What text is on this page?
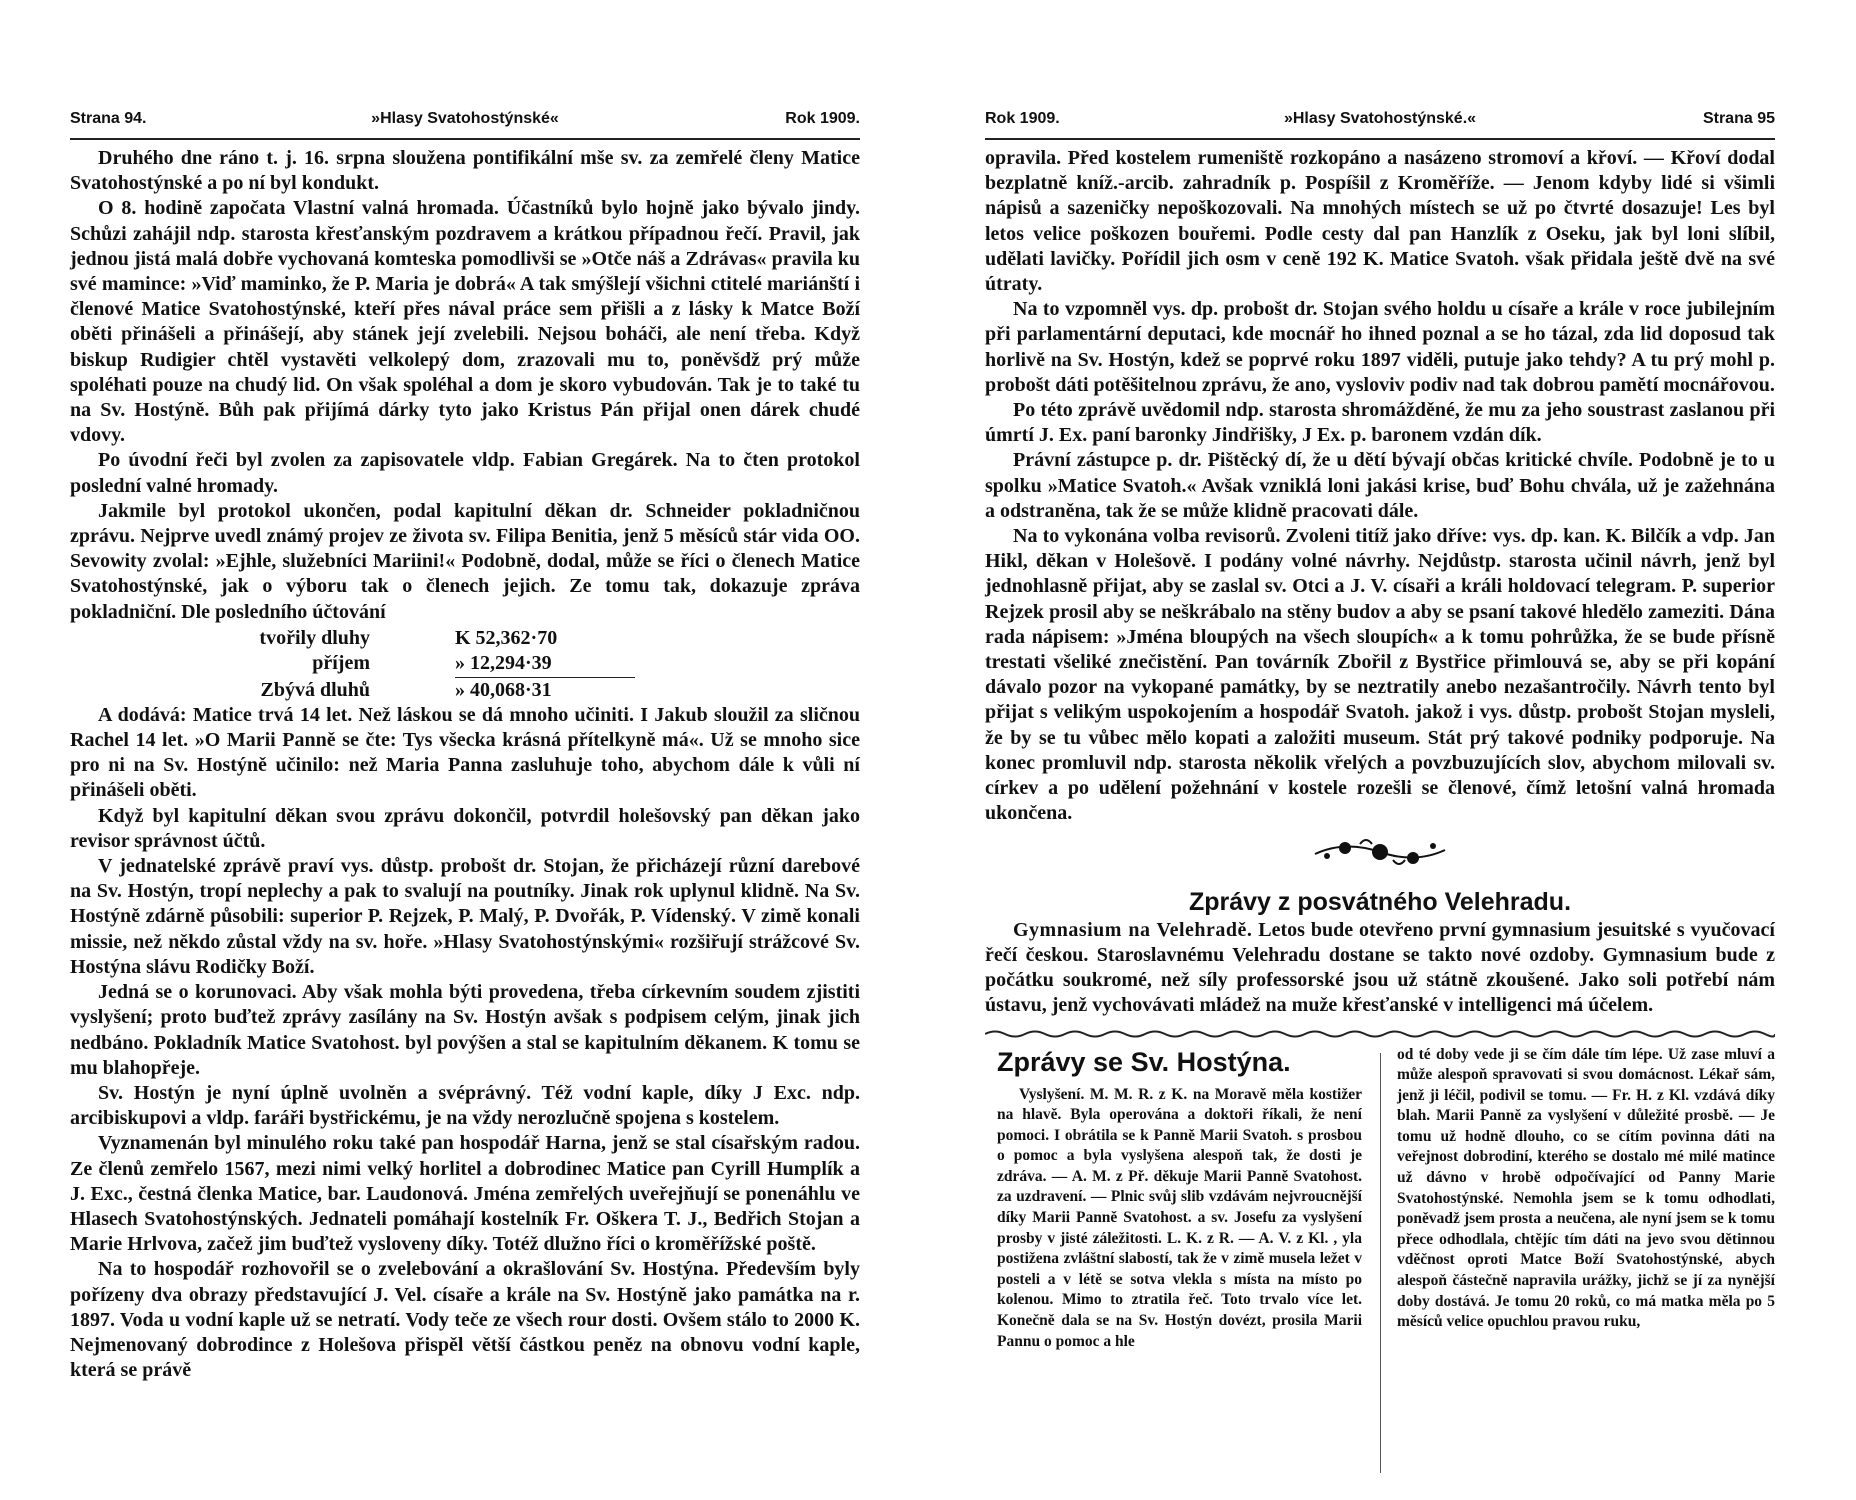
Strana 94.	»Hlasy Svatohostýnské«	Rok 1909.

Druhého dne ráno t. j. 16. srpna sloužena pontifikální mše sv. za zemřelé členy Matice Svatohostýnské a po ní byl kondukt.

O 8. hodině započata Vlastní valná hromada. Účastníků bylo hojně jako bývalo jindy. Schůzi zahájil ndp. starosta křesťanským pozdravem a krátkou případnou řečí. Pravil, jak jednou jistá malá dobře vychovaná komteska pomodlivši se »Otče náš a Zdrávas« pravila ku své mamince: »Viď maminko, že P. Maria je dobrá« A tak smýšlejí všichni ctitelé mariánští i členové Matice Svatohostýnské, kteří přes nával práce sem přišli a z lásky k Matce Boží oběti přinášeli a přinášejí, aby stánek její zvelebili. Nejsou boháči, ale není třeba. Když biskup Rudigier chtěl vystavěti velkolepý dom, zrazovali mu to, poněvšdž prý může spoléhati pouze na chudý lid. On však spoléhal a dom je skoro vybudován. Tak je to také tu na Sv. Hostýně. Bůh pak přijímá dárky tyto jako Kristus Pán přijal onen dárek chudé vdovy.

Po úvodní řeči byl zvolen za zapisovatele vldp. Fabian Gregárek. Na to čten protokol poslední valné hromady.

Jakmile byl protokol ukončen, podal kapitulní děkan dr. Schneider pokladničnou zprávu. Nejprve uvedl známý projev ze života sv. Filipa Benitia, jenž 5 měsíců stár vida OO. Sevowity zvolal: »Ejhle, služebníci Mariini!« Podobně, dodal, může se říci o členech Matice Svatohostýnské, jak o výboru tak o členech jejich. Ze tomu tak, dokazuje zpráva pokladniční. Dle posledního účtování

tvořily dluhy	K 52,362·70
příjem	» 12,294·39
Zbývá dluhů	» 40,068·31

A dodává: Matice trvá 14 let. Než láskou se dá mnoho učiniti. I Jakub sloužil za sličnou Rachel 14 let. »O Marii Panně se čte: Tys všecka krásná přítelkyně má«. Už se mnoho sice pro ni na Sv. Hostýně učinilo: než Maria Panna zasluhuje toho, abychom dále k vůli ní přinášeli oběti.

Když byl kapitulní děkan svou zprávu dokončil, potvrdil holešovský pan děkan jako revisor správnost účtů.

V jednatelské zprávě praví vys. důstp. probošt dr. Stojan, že přicházejí různí darebové na Sv. Hostýn, tropí neplechy a pak to svalují na poutníky. Jinak rok uplynul klidně. Na Sv. Hostýně zdárně působili: superior P. Rejzek, P. Malý, P. Dvořák, P. Vídenský. V zimě konali missie, než někdo zůstal vždy na sv. hoře. »Hlasy Svatohostýnskými« rozšiřují strážcové Sv. Hostýna slávu Rodičky Boží.

Jedná se o korunovaci. Aby však mohla býti provedena, třeba církevním soudem zjistiti vyslyšení; proto buďtež zprávy zasílány na Sv. Hostýn avšak s podpisem celým, jinak jich nedbáno. Pokladník Matice Svatohost. byl povýšen a stal se kapitulním děkanem. K tomu se mu blahopřeje.

Sv. Hostýn je nyní úplně uvolněn a svéprávný. Též vodní kaple, díky J Exc. ndp. arcibiskupovi a vldp. faráři bystřickému, je na vždy nerozlučně spojena s kostelem.

Vyznamenán byl minulého roku také pan hospodář Harna, jenž se stal císařským radou. Ze členů zemřelo 1567, mezi nimi velký horlitel a dobrodinec Matice pan Cyrill Humplík a J. Exc., čestná členka Matice, bar. Laudonová. Jména zemřelých uveřejňují se ponenáhlu ve Hlasech Svatohostýnských. Jednateli pomáhají kostelník Fr. Oškera T. J., Bedřich Stojan a Marie Hrlvova, začež jim buďtež vysloveny díky. Totéž dlužno říci o kroměřížské poště.

Na to hospodář rozhovořil se o zvelebování a okrašlování Sv. Hostýna. Především byly pořízeny dva obrazy představující J. Vel. císaře a krále na Sv. Hostýně jako památka na r. 1897. Voda u vodní kaple už se netratí. Vody teče ze všech rour dosti. Ovšem stálo to 2000 K. Nejmenovaný dobrodince z Holešova přispěl větší částkou peněz na obnovu vodní kaple, která se právě

Rok 1909.	»Hlasy Svatohostýnské.«	Strana 95

opravila. Před kostelem rumeniště rozkopáno a nasázeno stromoví a křoví. — Křoví dodal bezplatně kníž.-arcib. zahradník p. Pospíšil z Kroměříže. — Jenom kdyby lidé si všimli nápisů a sazeničky nepoškozovali. Na mnohých místech se už po čtvrté dosazuje! Les byl letos velice poškozen bouřemi. Podle cesty dal pan Hanzlík z Oseku, jak byl loni slíbil, udělati lavičky. Pořídil jich osm v ceně 192 K. Matice Svatoh. však přidala ještě dvě na své útraty.

Na to vzpomněl vys. dp. probošt dr. Stojan svého holdu u císaře a krále v roce jubilejním při parlamentární deputaci, kde mocnář ho ihned poznal a se ho tázal, zda lid doposud tak horlivě na Sv. Hostýn, kdež se poprvé roku 1897 viděli, putuje jako tehdy? A tu prý mohl p. probošt dáti potěšitelnou zprávu, že ano, vysloviv podiv nad tak dobrou pamětí mocnářovou.

Po této zprávě uvědomil ndp. starosta shromážděné, že mu za jeho soustrast zaslanou při úmrtí J. Ex. paní baronky Jindřišky, J Ex. p. baronem vzdán dík.

Právní zástupce p. dr. Pištěcký dí, že u dětí bývají občas kritické chvíle. Podobně je to u spolku »Matice Svatoh.« Avšak vzniklá loni jakási krise, buď Bohu chvála, už je zažehnána a odstraněna, tak že se může klidně pracovati dále.

Na to vykonána volba revisorů. Zvoleni titíž jako dříve: vys. dp. kan. K. Bilčík a vdp. Jan Hikl, děkan v Holešově. I podány volné návrhy. Nejdůstp. starosta učinil návrh, jenž byl jednohlasně přijat, aby se zaslal sv. Otci a J. V. císaři a králi holdovací telegram. P. superior Rejzek prosil aby se neškrábalo na stěny budov a aby se psaní takové hledělo zameziti. Dána rada nápisem: »Jména bloupých na všech sloupích« a k tomu pohrůžka, že se bude přísně trestati všeliké znečistění. Pan továrník Zbořil z Bystřice přimlouvá se, aby se při kopání dávalo pozor na vykopané památky, by se neztratily anebo nezašantročily. Návrh tento byl přijat s velikým uspokojením a hospodář Svatoh. jakož i vys. důstp. probošt Stojan mysleli, že by se tu vůbec mělo kopati a založiti museum. Stát prý takové podniky podporuje. Na konec promluvil ndp. starosta několik vřelých a povzbuzujících slov, abychom milovali sv. církev a po udělení požehnání v kostele rozešli se členové, čímž letošní valná hromada ukončena.

Zprávy z posvátného Velehradu.

Gymnasium na Velehradě. Letos bude otevřeno první gymnasium jesuitské s vyučovací řečí českou. Staroslavnému Velehradu dostane se takto nové ozdoby. Gymnasium bude z počátku soukromé, než síly professorské jsou už státně zkoušené. Jako soli potřebí nám ústavu, jenž vychovávati mládež na muže křesťanské v intelligenci má účelem.

Zprávy se Sv. Hostýna.

Vyslyšení. M. M. R. z K. na Moravě měla kostižer na hlavě. Byla operována a doktoři říkali, že není pomoci. I obrátila se k Panně Marii Svatoh. s prosbou o pomoc a byla vyslyšena alespoň tak, že dosti je zdráva. — A. M. z Př. děkuje Marii Panně Svatohost. za uzdravení. — Plnic svůj slib vzdávám nejvroucnější díky Marii Panně Svatohost. a sv. Josefu za vyslyšení prosby v jisté záležitosti. L. K. z R. — A. V. z Kl. , yla postižena zvláštní slabostí, tak že v zimě musela ležet v posteli a v létě se sotva vlekla s místa na místo po kolenou. Mimo to ztratila řeč. Toto trvalo více let. Konečně dala se na Sv. Hostýn dovézt, prosila Marii Pannu o pomoc a hle

od té doby vede ji se čím dále tím lépe. Už zase mluví a může alespoň spravovati si svou domácnost. Lékař sám, jenž ji léčil, podivil se tomu. — Fr. H. z Kl. vzdává díky blah. Marii Panně za vyslyšení v důležité prosbě. — Je tomu už hodně dlouho, co se cítím povinna dáti na veřejnost dobrodiní, kterého se dostalo mé milé matince už dávno v hrobě odpočívající od Panny Marie Svatohostýnské. Nemohla jsem se k tomu odhodlati, poněvadž jsem prosta a neučena, ale nyní jsem se k tomu přece odhodlala, chtějíc tím dáti na jevo svou dětinnou vděčnost oproti Matce Boží Svatohostýnské, abych alespoň částečně napravila urážky, jichž se jí za nynější doby dostává. Je tomu 20 roků, co má matka měla po 5 měsíců velice opuchlou pravou ruku,
